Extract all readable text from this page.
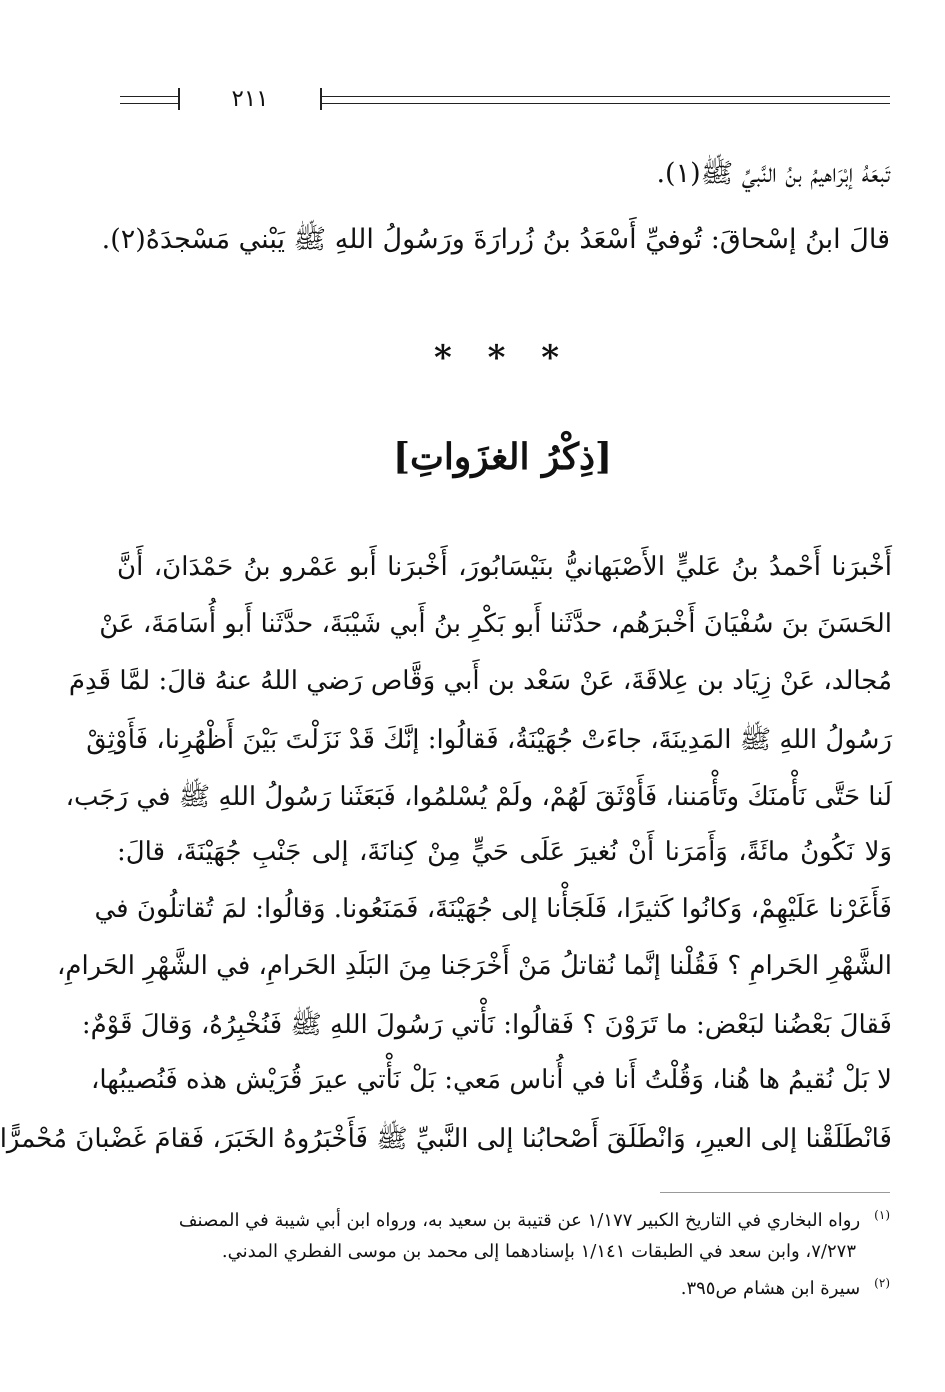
٢١١
تَبعَهُ إبْرَاهيمُ بنُ النَّبيِّ ﷺ(١).
قالَ ابنُ إسْحاقَ: تُوفيِّ أَسْعَدُ بنُ زُرارَةَ ورَسُولُ اللهِ ﷺ يَبْني مَسْجدَهُ(٢).
* * *
[ذِكْرُ الغزَواتِ]
أَخْبرَنا أَحْمدُ بنُ عَليٍّ الأَصْبَهانيُّ بنَيْسَابُورَ، أَخْبرَنا أَبو عَمْرو بنُ حَمْدَانَ، أَنَّ
الحَسَنَ بنَ سُفْيَانَ أَخْبرَهُم، حدَّثَنا أَبو بَكْرِ بنُ أَبي شَيْبَةَ، حدَّثَنا أَبو أُسَامَةَ، عَنْ
مُجالد، عَنْ زِيَاد بن عِلاقَةَ، عَنْ سَعْد بن أَبي وَقَّاص رَضي اللهُ عنهُ قالَ: لمَّا قَدِمَ
رَسُولُ اللهِ ﷺ المَدِينَةَ، جاءَتْ جُهَيْنَةُ، فَقالُوا: إنَّكَ قَدْ نَزَلْتَ بَيْنَ أَظْهُرِنا، فَأَوْثِقْ
لَنا حَتَّى نَأْمنَكَ وتَأْمَننا، فَأَوْثَقَ لَهُمْ، ولَمْ يُسْلمُوا، فَبَعَثَنا رَسُولُ اللهِ ﷺ في رَجَب،
وَلا نَكُونُ مائَةً، وَأَمَرَنا أَنْ نُغيرَ عَلَى حَيٍّ مِنْ كِنانَةَ، إلى جَنْبِ جُهَيْنَةَ، قالَ:
فَأَغَرْنا عَلَيْهِمْ، وَكانُوا كَثيرًا، فَلَجَأْنا إلى جُهَيْنَةَ، فَمَنَعُونا. وَقالُوا: لمَ تُقاتلُونَ في
الشَّهْرِ الحَرامِ ؟ فَقُلْنا إنَّما نُقاتلُ مَنْ أَخْرَجَنا مِنَ البَلَدِ الحَرامِ، في الشَّهْرِ الحَرامِ،
فَقالَ بَعْضُنا لبَعْض: ما تَرَوْنَ ؟ فَقالُوا: نَأْتي رَسُولَ اللهِ ﷺ فَنُخْبِرُهُ، وَقالَ قَوْمٌ:
لا بَلْ نُقيمُ ها هُنا، وَقُلْتُ أَنا في أُناس مَعي: بَلْ نَأْتي عيرَ قُرَيْش هذه فَنُصيبُها،
فَانْطَلَقْنا إلى العيرِ، وَانْطَلَقَ أَصْحابُنا إلى النَّبيِّ ﷺ فَأَخْبَرُوهُ الخَبَرَ، فَقامَ غَضْبانَ مُحْمرًّا
$^{(١)}$رواه البخاري في التاريخ الكبير ١/١٧٧ عن قتيبة بن سعيد به، ورواه ابن أبي شيبة في المصنف
٧/٢٧٣، وابن سعد في الطبقات ١/١٤١ بإسنادهما إلى محمد بن موسى الفطري المدني.
$^{(٢)}$سيرة ابن هشام ص٣٩٥.
